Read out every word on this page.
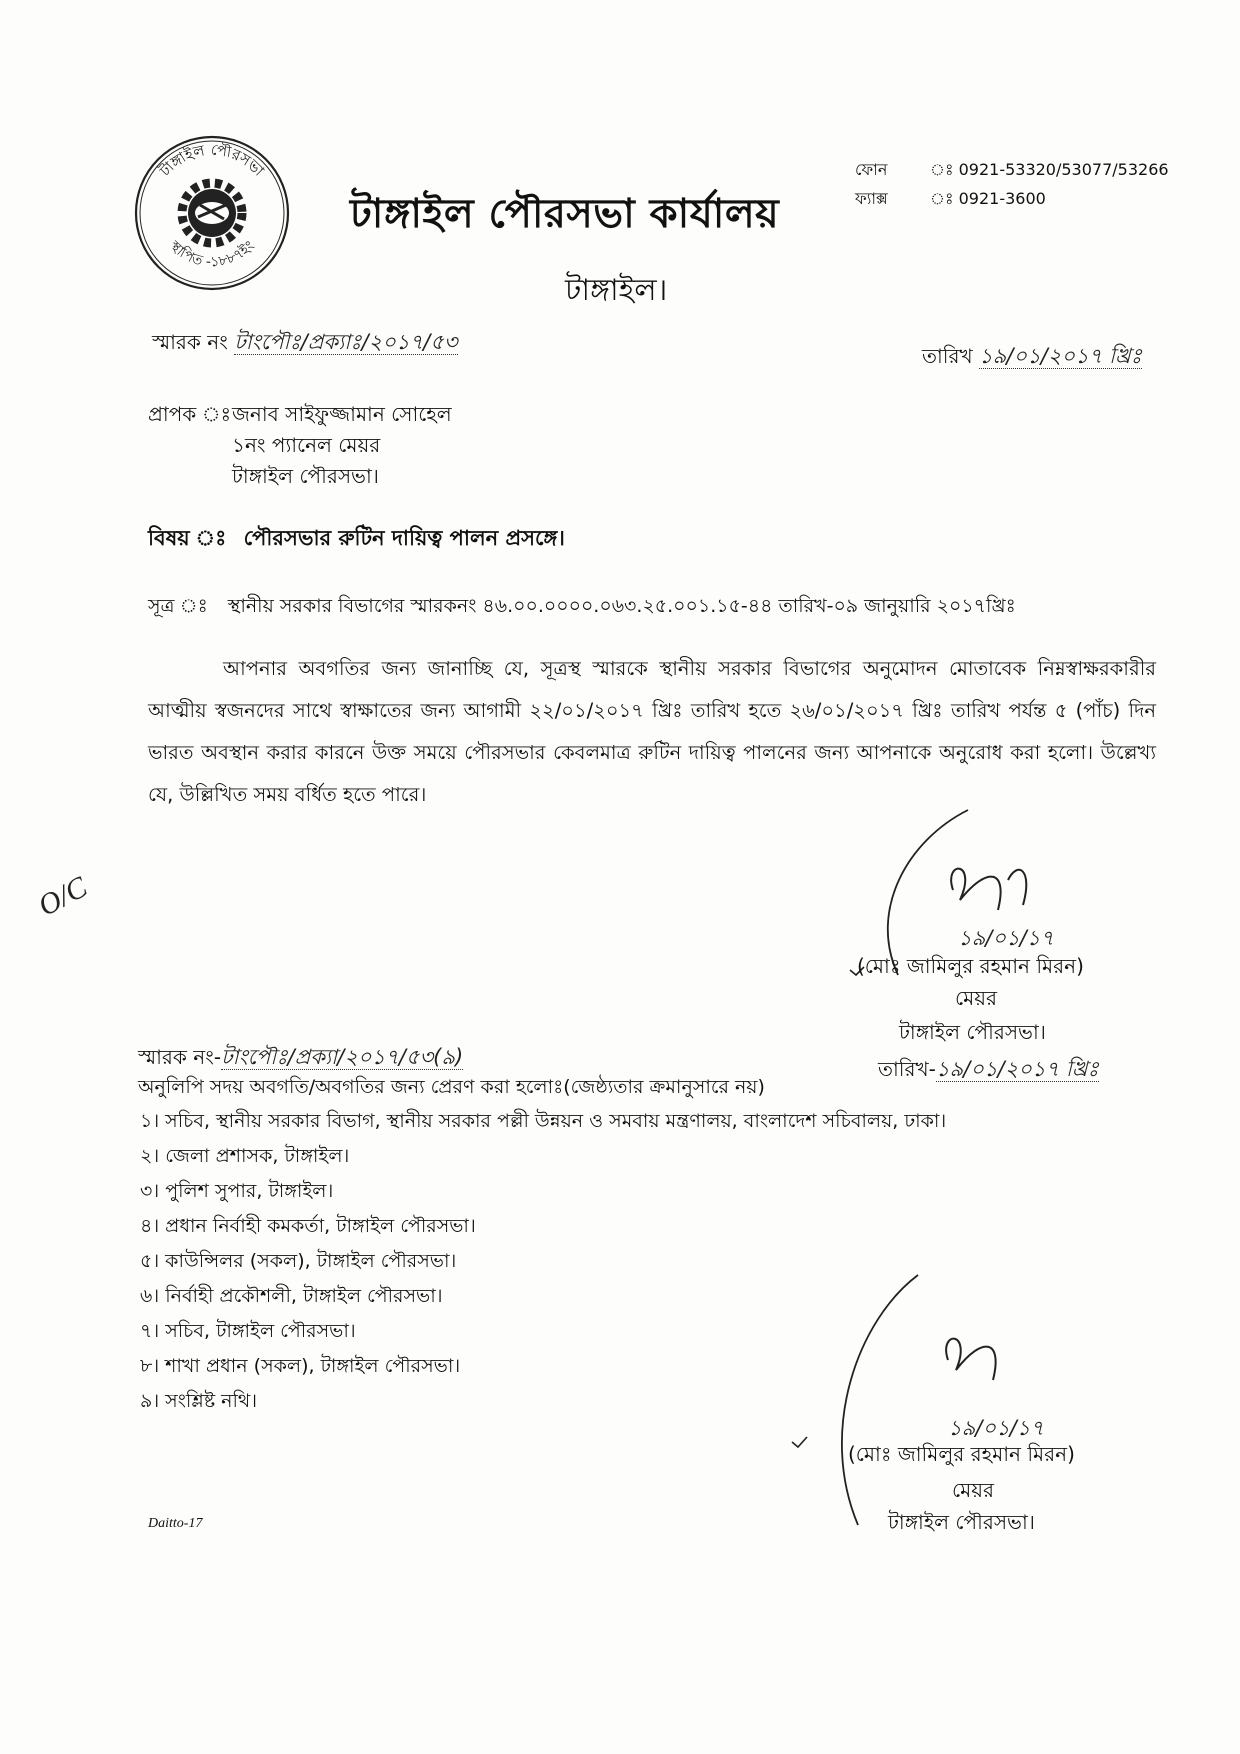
টাঙ্গাইল পৌরসভা
স্থাপিত -১৮৮৭ইং
টাঙ্গাইল পৌরসভা কার্যালয়
টাঙ্গাইল।
ফোন	ঃ 0921-53320/53077/53266
ফ্যাক্স	ঃ 0921-3600
স্মারক নং টাংপৌঃ/প্রক্যাঃ/২০১৭/৫৩
তারিখ ১৯/০১/২০১৭ খ্রিঃ
প্রাপক ঃ জনাব সাইফুজ্জামান সোহেল
১নং প্যানেল মেয়র
টাঙ্গাইল পৌরসভা।
বিষয় ঃ পৌরসভার রুটিন দায়িত্ব পালন প্রসঙ্গে।
সূত্র ঃ স্থানীয় সরকার বিভাগের স্মারকনং ৪৬.০০.০০০০.০৬৩.২৫.০০১.১৫-৪৪ তারিখ-০৯ জানুয়ারি ২০১৭খ্রিঃ
আপনার অবগতির জন্য জানাচ্ছি যে, সূত্রস্থ স্মারকে স্থানীয় সরকার বিভাগের অনুমোদন মোতাবেক নিম্নস্বাক্ষরকারীর আত্মীয় স্বজনদের সাথে স্বাক্ষাতের জন্য আগামী ২২/০১/২০১৭ খ্রিঃ তারিখ হতে ২৬/০১/২০১৭ খ্রিঃ তারিখ পর্যন্ত ৫ (পাঁচ) দিন ভারত অবস্থান করার কারনে উক্ত সময়ে পৌরসভার কেবলমাত্র রুটিন দায়িত্ব পালনের জন্য আপনাকে অনুরোধ করা হলো। উল্লেখ্য যে, উল্লিখিত সময় বর্ধিত হতে পারে।
O/C
১৯/০১/১৭
(মোঃ জামিলুর রহমান মিরন)
মেয়র
টাঙ্গাইল পৌরসভা।
স্মারক নং-টাংপৌঃ/প্রক্যা/২০১৭/৫৩(৯)	তারিখ-১৯/০১/২০১৭ খ্রিঃ
অনুলিপি সদয় অবগতি/অবগতির জন্য প্রেরণ করা হলোঃ(জেষ্ঠ্যতার ক্রমানুসারে নয়)
১। সচিব, স্থানীয় সরকার বিভাগ, স্থানীয় সরকার পল্লী উন্নয়ন ও সমবায় মন্ত্রণালয়, বাংলাদেশ সচিবালয়, ঢাকা।
২। জেলা প্রশাসক, টাঙ্গাইল।
৩। পুলিশ সুপার, টাঙ্গাইল।
৪। প্রধান নির্বাহী কমকর্তা, টাঙ্গাইল পৌরসভা।
৫। কাউন্সিলর (সকল), টাঙ্গাইল পৌরসভা।
৬। নির্বাহী প্রকৌশলী, টাঙ্গাইল পৌরসভা।
৭। সচিব, টাঙ্গাইল পৌরসভা।
৮। শাখা প্রধান (সকল), টাঙ্গাইল পৌরসভা।
৯। সংশ্লিষ্ট নথি।
১৯/০১/১৭
(মোঃ জামিলুর রহমান মিরন)
মেয়র
টাঙ্গাইল পৌরসভা।
Daitto-17
